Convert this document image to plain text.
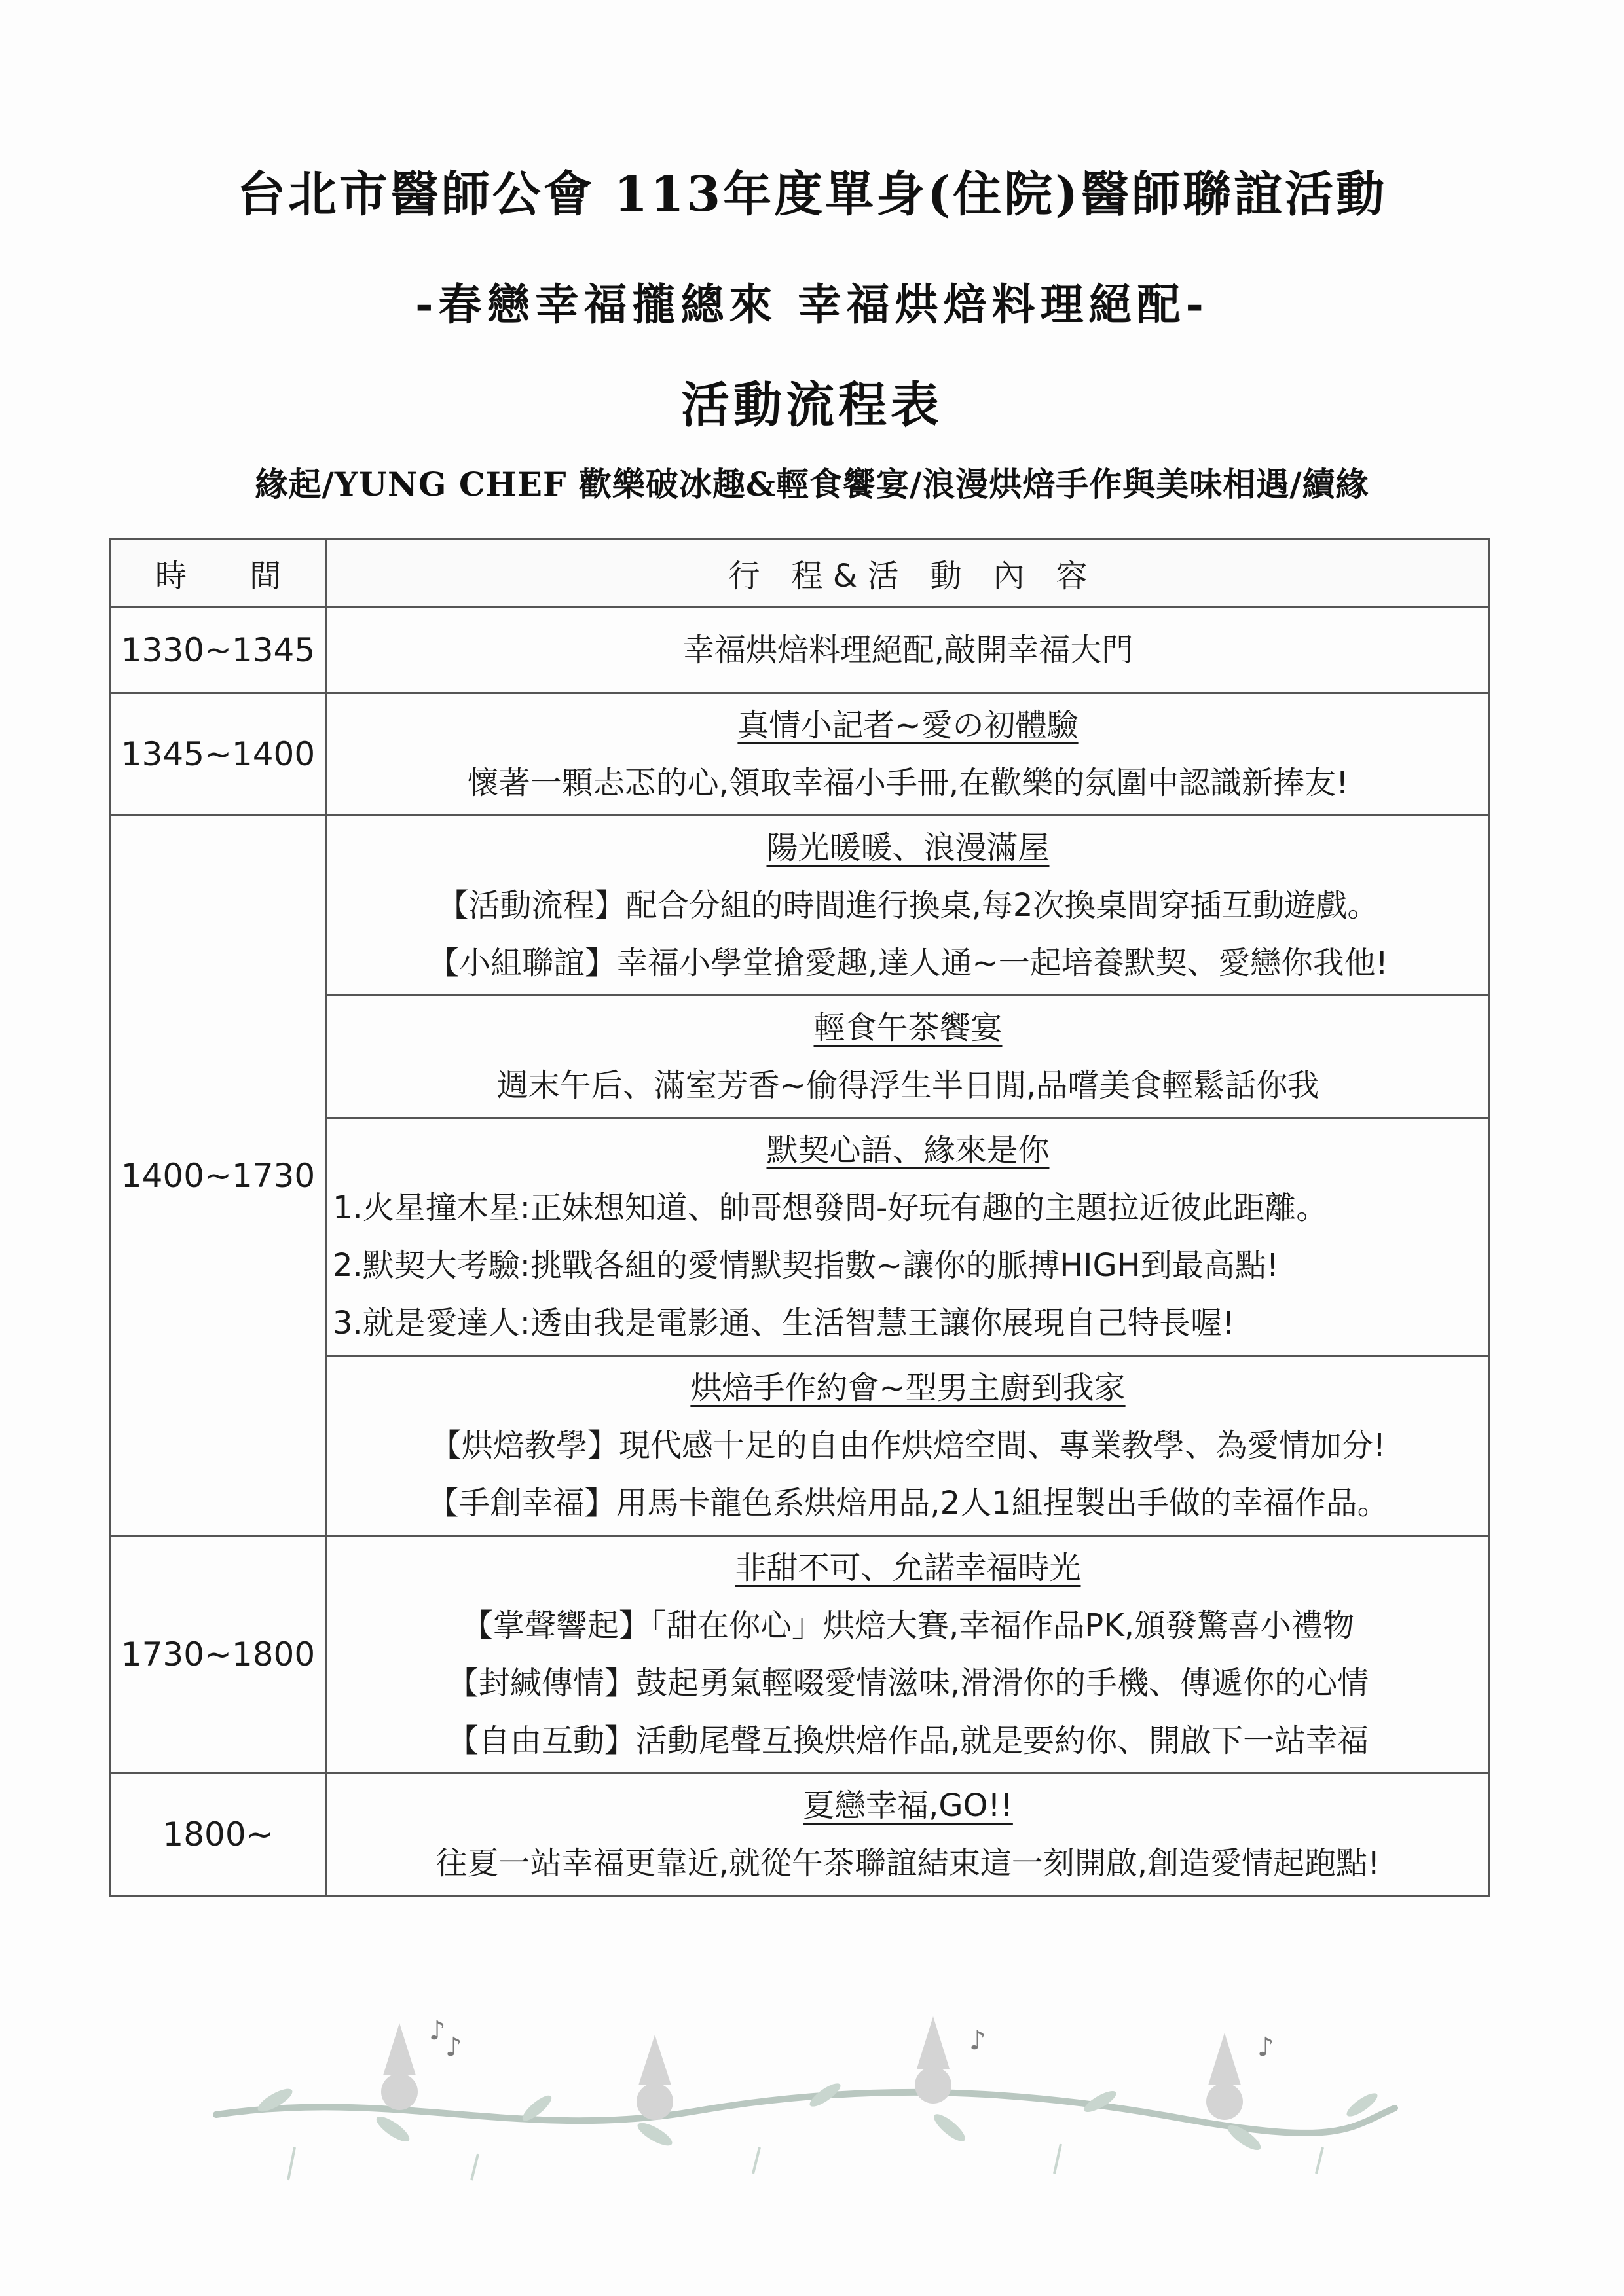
台北市醫師公會 113年度單身(住院)醫師聯誼活動
-春戀幸福攏總來 幸福烘焙料理絕配-
活動流程表
緣起/YUNG CHEF 歡樂破冰趣&輕食饗宴/浪漫烘焙手作與美味相遇/續緣
時　　間	行　程 & 活　動　內　容
1330~1345	幸福烘焙料理絕配,敲開幸福大門

1345~1400	真情小記者~愛の初體驗
懷著一顆忐忑的心,領取幸福小手冊,在歡樂的氛圍中認識新捧友!

1400~1730	陽光暖暖、浪漫滿屋
【活動流程】配合分組的時間進行換桌,每2次換桌間穿插互動遊戲。
【小組聯誼】幸福小學堂搶愛趣,達人通~一起培養默契、愛戀你我他!

	輕食午茶饗宴
週末午后、滿室芳香~偷得浮生半日閒,品嚐美食輕鬆話你我

	默契心語、緣來是你
1.火星撞木星:正妹想知道、帥哥想發問-好玩有趣的主題拉近彼此距離。
2.默契大考驗:挑戰各組的愛情默契指數~讓你的脈搏HIGH到最高點!
3.就是愛達人:透由我是電影通、生活智慧王讓你展現自己特長喔!

	烘焙手作約會~型男主廚到我家
【烘焙教學】現代感十足的自由作烘焙空間、專業教學、為愛情加分!
【手創幸福】用馬卡龍色系烘焙用品,2人1組捏製出手做的幸福作品。

1730~1800	非甜不可、允諾幸福時光
【掌聲響起】「甜在你心」烘焙大賽,幸福作品PK,頒發驚喜小禮物
【封緘傳情】鼓起勇氣輕啜愛情滋味,滑滑你的手機、傳遞你的心情
【自由互動】活動尾聲互換烘焙作品,就是要約你、開啟下一站幸福

1800~	夏戀幸福,GO!!
往夏一站幸福更靠近,就從午茶聯誼結束這一刻開啟,創造愛情起跑點!
♪
♪	♪	♪
